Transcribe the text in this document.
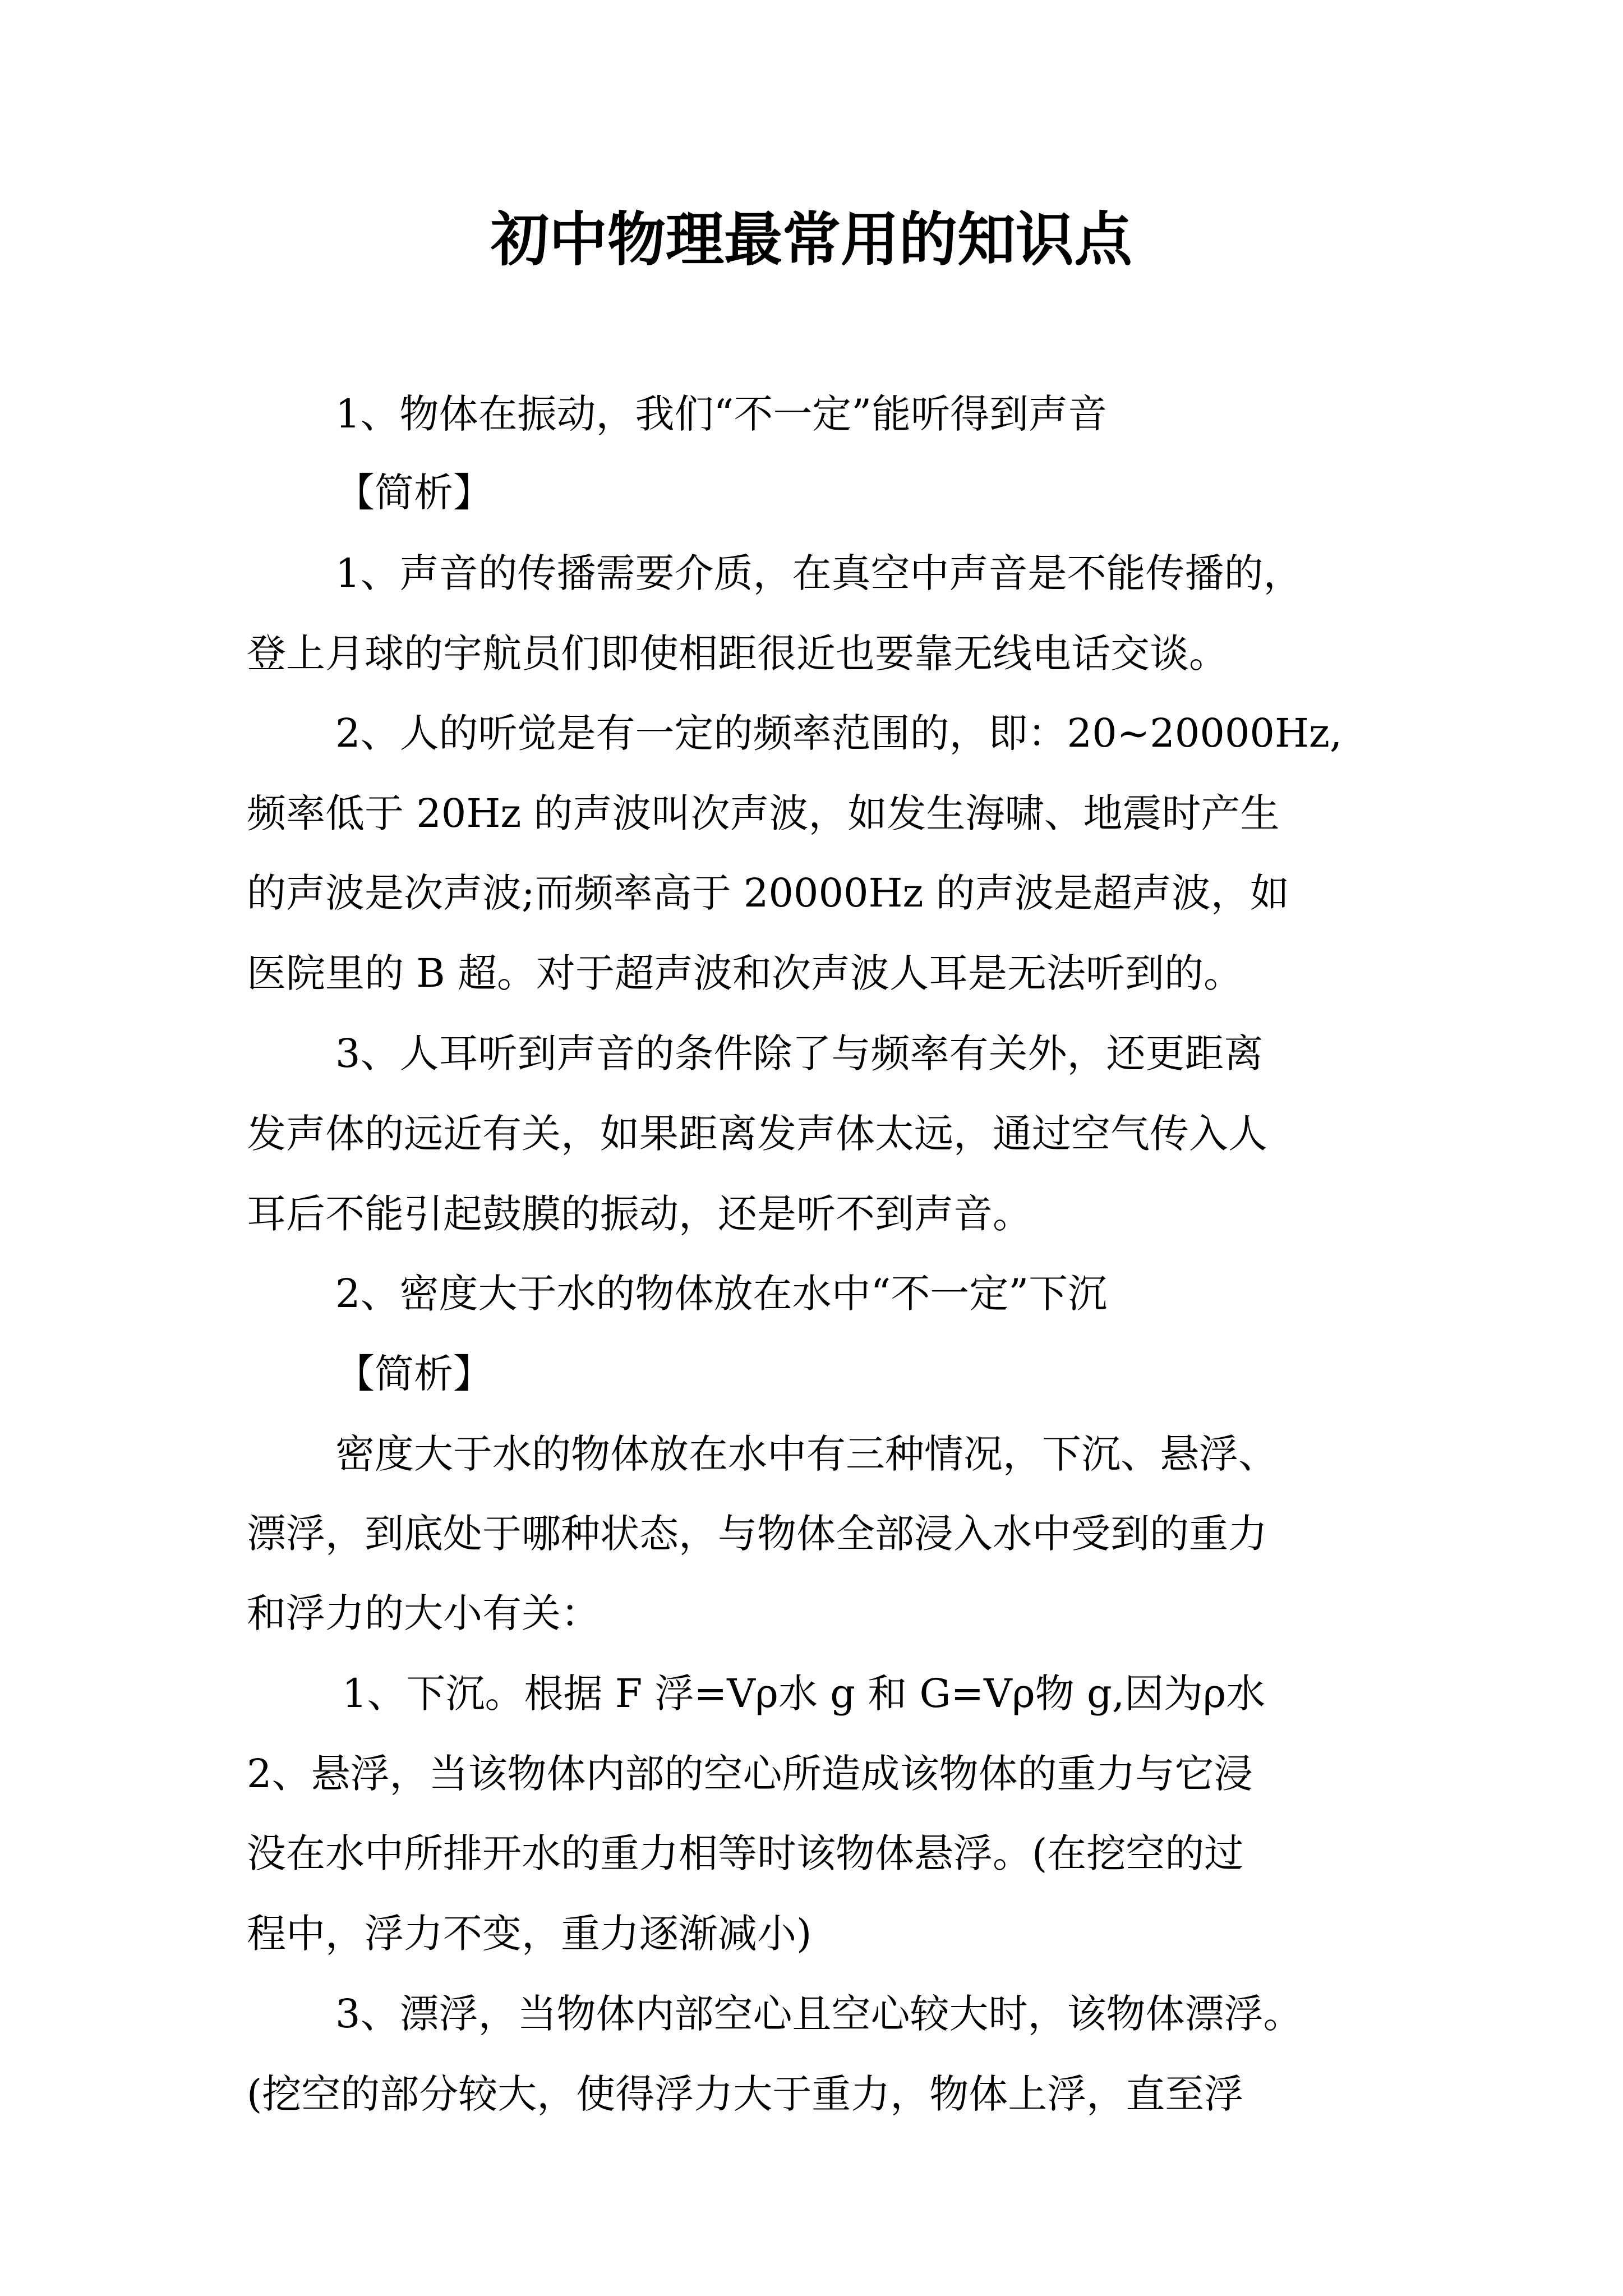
初中物理最常用的知识点
1、物体在振动，我们“不一定”能听得到声音
【简析】
1、声音的传播需要介质，在真空中声音是不能传播的，
登上月球的宇航员们即使相距很近也要靠无线电话交谈。
2、人的听觉是有一定的频率范围的，即：20~20000Hz,
频率低于 20Hz 的声波叫次声波，如发生海啸、地震时产生
的声波是次声波;而频率高于 20000Hz 的声波是超声波，如
医院里的 B 超。对于超声波和次声波人耳是无法听到的。
3、人耳听到声音的条件除了与频率有关外，还更距离
发声体的远近有关，如果距离发声体太远，通过空气传入人
耳后不能引起鼓膜的振动，还是听不到声音。
2、密度大于水的物体放在水中“不一定”下沉
【简析】
密度大于水的物体放在水中有三种情况，下沉、悬浮、
漂浮，到底处于哪种状态，与物体全部浸入水中受到的重力
和浮力的大小有关：
1、下沉。根据 F 浮=Vρ水 g 和 G=Vρ物 g,因为ρ水
2、悬浮，当该物体内部的空心所造成该物体的重力与它浸
没在水中所排开水的重力相等时该物体悬浮。(在挖空的过
程中，浮力不变，重力逐渐减小)
3、漂浮，当物体内部空心且空心较大时，该物体漂浮。
(挖空的部分较大，使得浮力大于重力，物体上浮，直至浮
